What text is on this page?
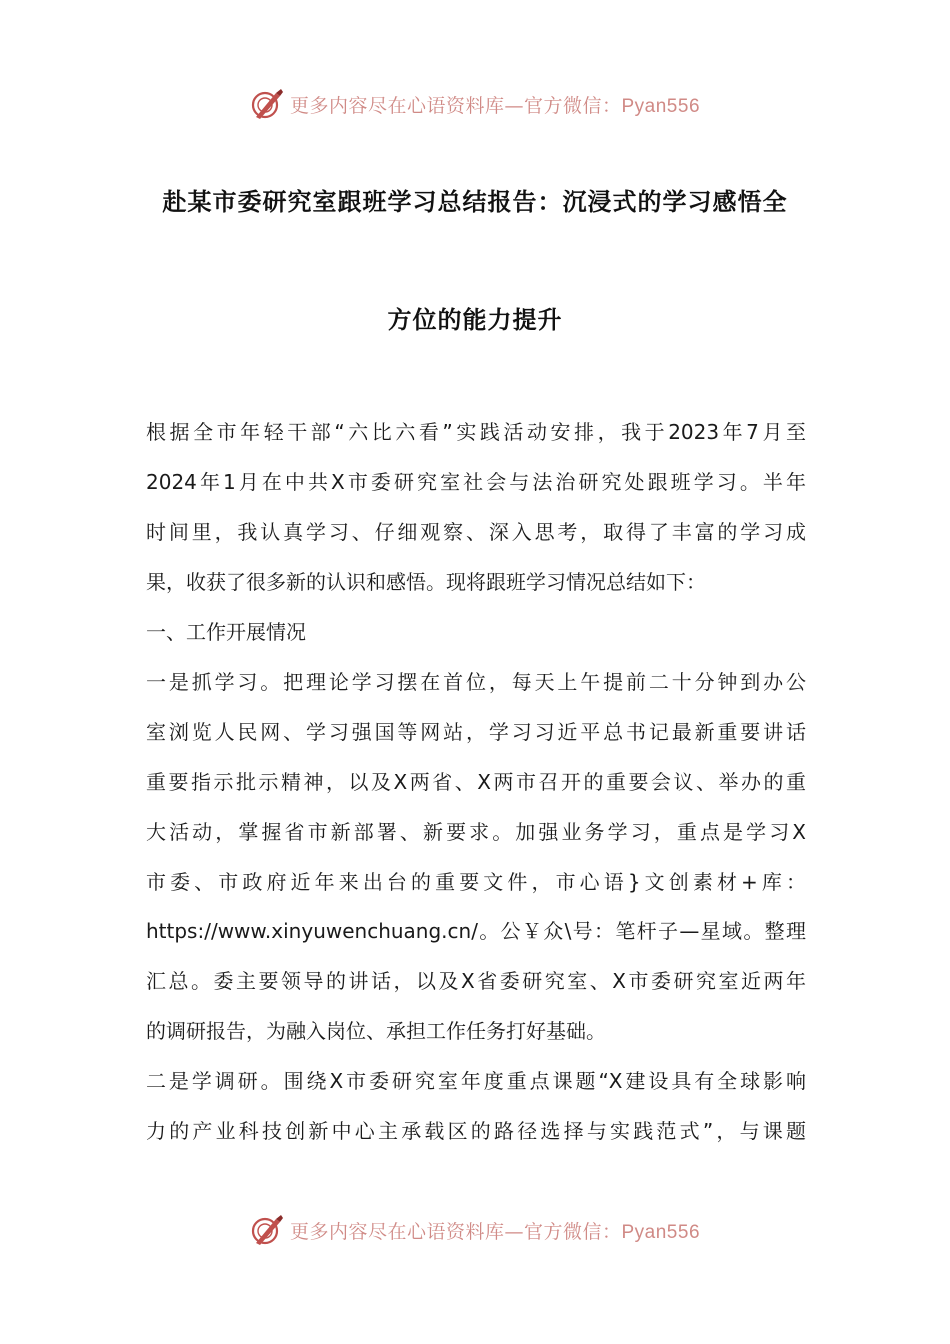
更多内容尽在心语资料库—官方微信：Pyan556
赴某市委研究室跟班学习总结报告：沉浸式的学习感悟全
方位的能力提升
根据全市年轻干部“六比六看”实践活动安排，我于2023年7月至
2024年1月在中共X市委研究室社会与法治研究处跟班学习。半年
时间里，我认真学习、仔细观察、深入思考，取得了丰富的学习成
果，收获了很多新的认识和感悟。现将跟班学习情况总结如下：
一、工作开展情况
一是抓学习。把理论学习摆在首位，每天上午提前二十分钟到办公
室浏览人民网、学习强国等网站，学习习近平总书记最新重要讲话
重要指示批示精神，以及X两省、X两市召开的重要会议、举办的重
大活动，掌握省市新部署、新要求。加强业务学习，重点是学习X
市委、市政府近年来出台的重要文件，市心语}文创素材+库：
https://www.xinyuwenchuang.cn/。公￥众\号：笔杆子—星域。整理
汇总。委主要领导的讲话，以及X省委研究室、X市委研究室近两年
的调研报告，为融入岗位、承担工作任务打好基础。
二是学调研。围绕X市委研究室年度重点课题“X建设具有全球影响
力的产业科技创新中心主承载区的路径选择与实践范式”，与课题
更多内容尽在心语资料库—官方微信：Pyan556
